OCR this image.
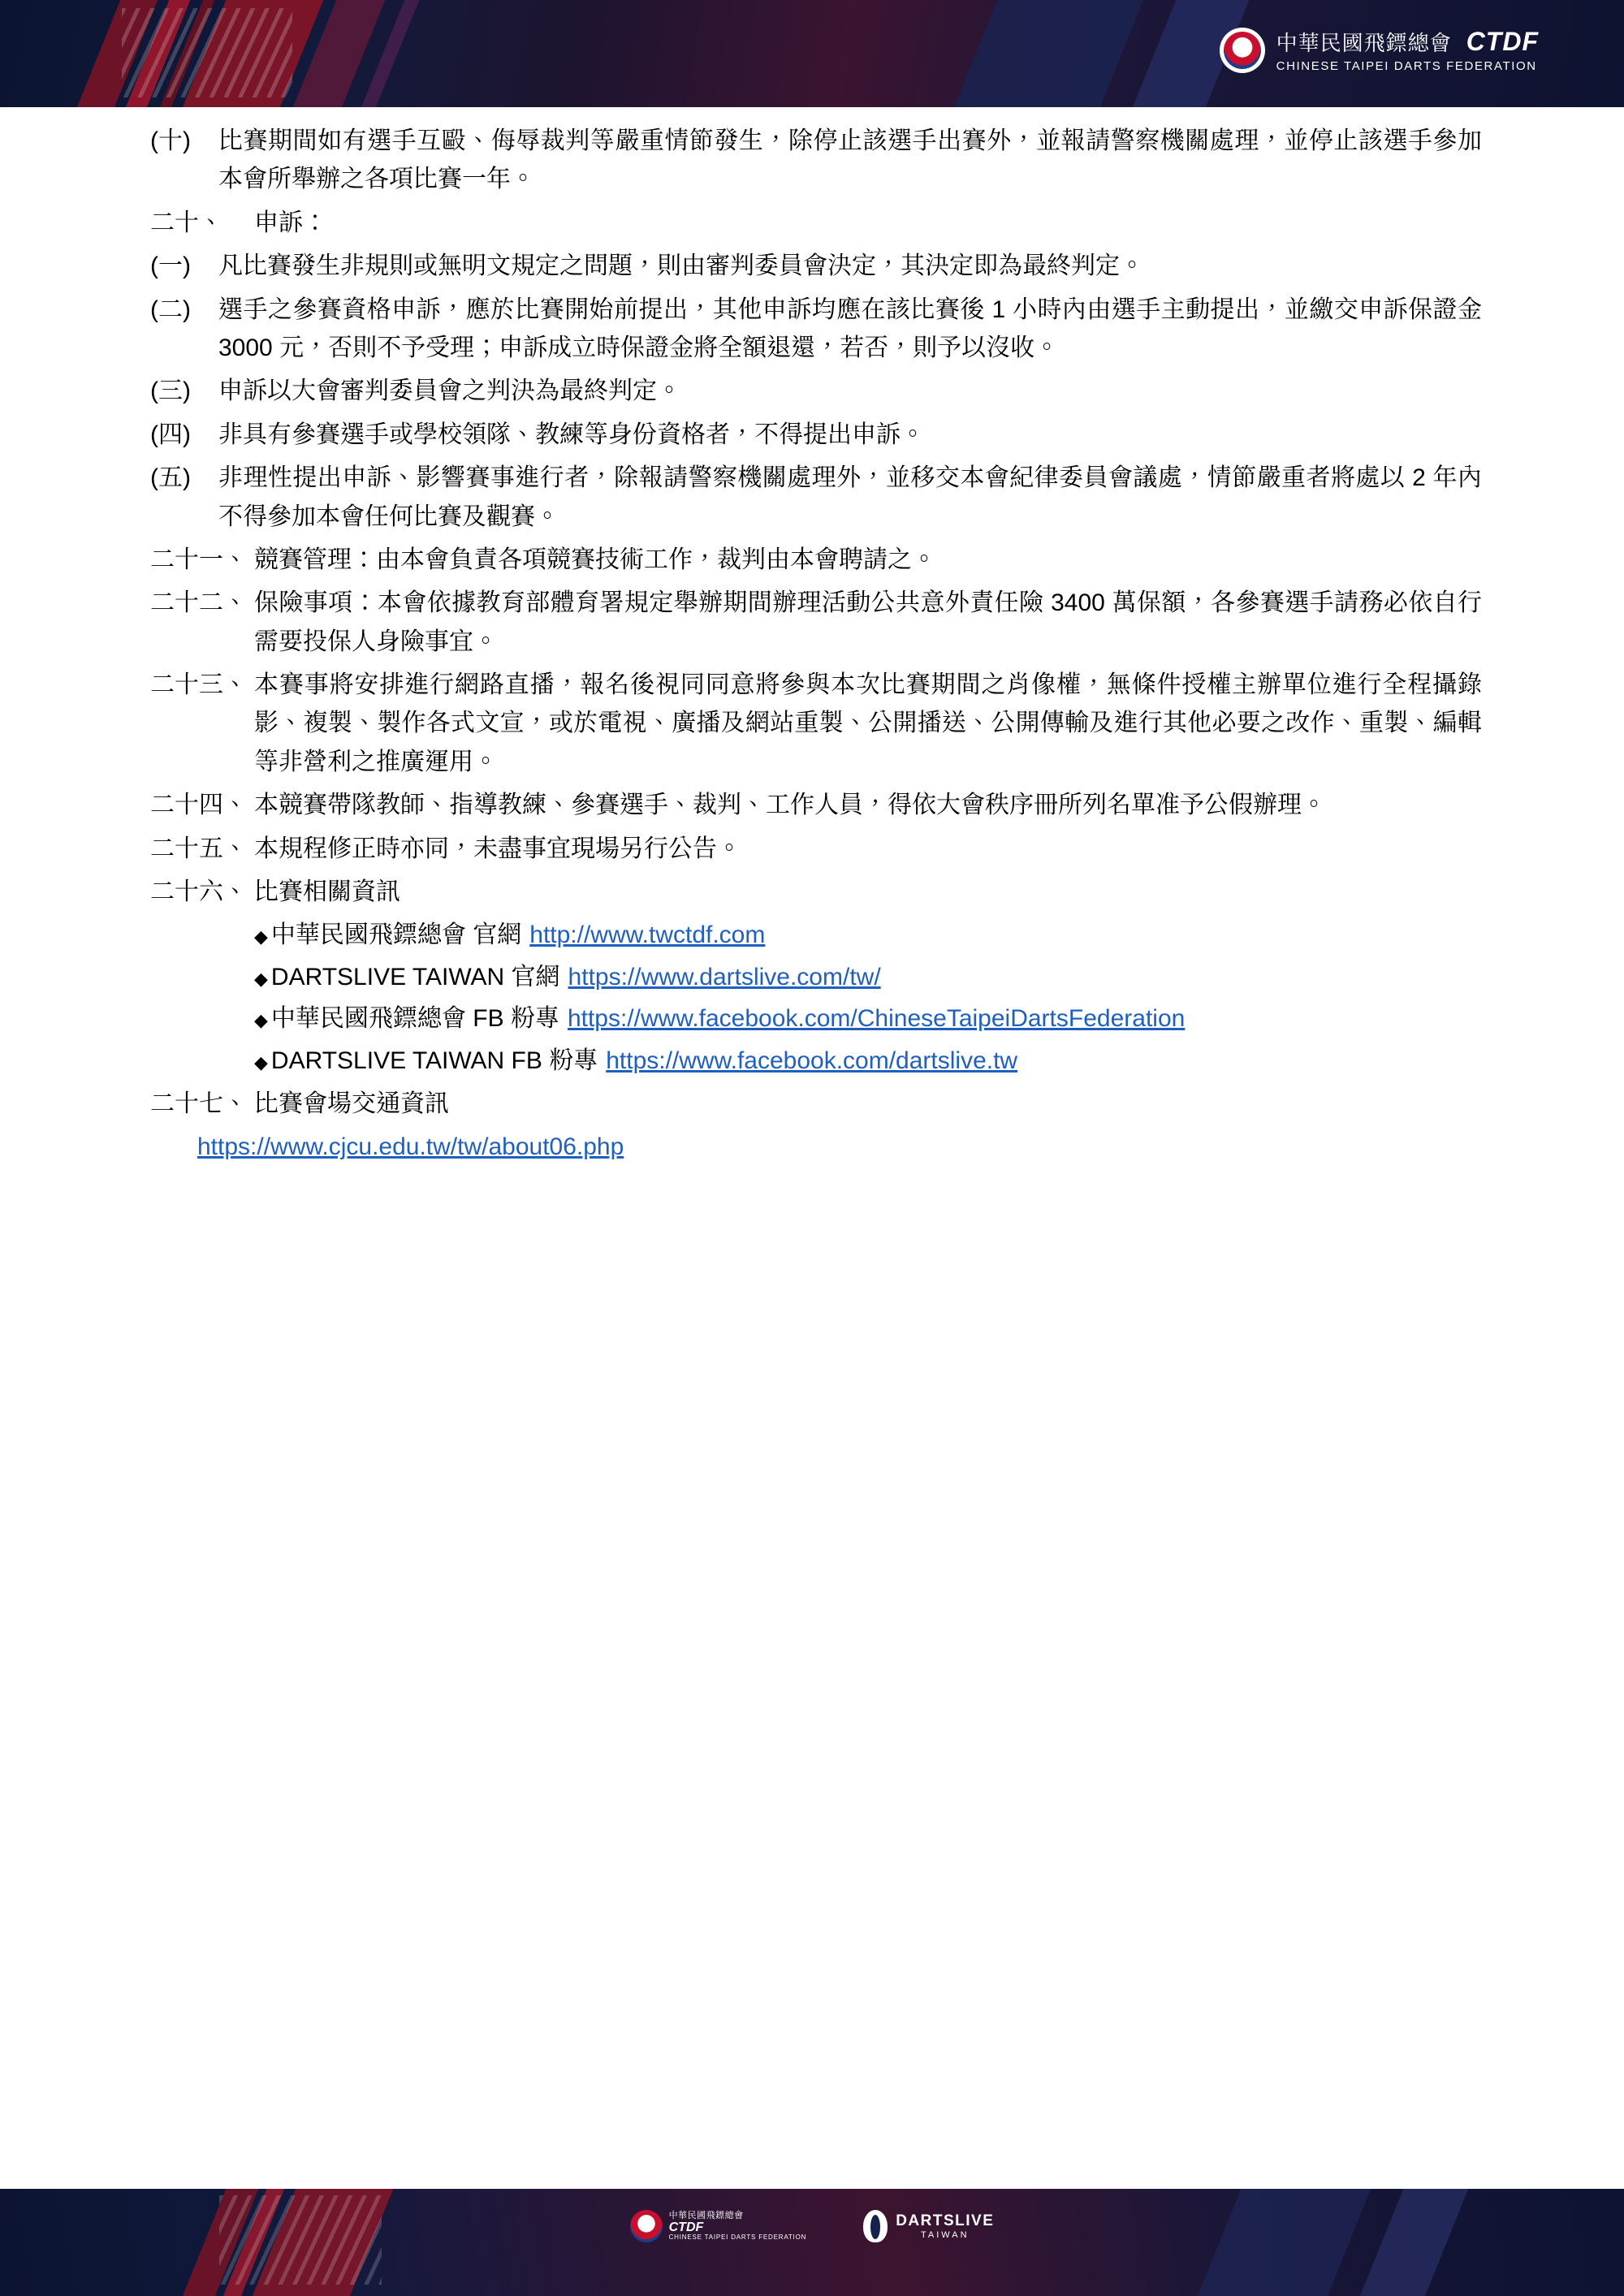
中華民國飛鏢總會 CTDF
CHINESE TAIPEI DARTS FEDERATION
(十)	比賽期間如有選手互毆、侮辱裁判等嚴重情節發生，除停止該選手出賽外，並報請警察機關處理，並停止該選手參加本會所舉辦之各項比賽一年。
二十、	申訴：
(一)	凡比賽發生非規則或無明文規定之問題，則由審判委員會決定，其決定即為最終判定。
(二)	選手之參賽資格申訴，應於比賽開始前提出，其他申訴均應在該比賽後 1 小時內由選手主動提出，並繳交申訴保證金 3000 元，否則不予受理；申訴成立時保證金將全額退還，若否，則予以沒收。
(三)	申訴以大會審判委員會之判決為最終判定。
(四)	非具有參賽選手或學校領隊、教練等身份資格者，不得提出申訴。
(五)	非理性提出申訴、影響賽事進行者，除報請警察機關處理外，並移交本會紀律委員會議處，情節嚴重者將處以 2 年內不得參加本會任何比賽及觀賽。
二十一、 競賽管理：由本會負責各項競賽技術工作，裁判由本會聘請之。
二十二、 保險事項：本會依據教育部體育署規定舉辦期間辦理活動公共意外責任險 3400 萬保額，各參賽選手請務必依自行需要投保人身險事宜。
二十三、 本賽事將安排進行網路直播，報名後視同同意將參與本次比賽期間之肖像權，無條件授權主辦單位進行全程攝錄影、複製、製作各式文宣，或於電視、廣播及網站重製、公開播送、公開傳輸及進行其他必要之改作、重製、編輯等非營利之推廣運用。
二十四、 本競賽帶隊教師、指導教練、參賽選手、裁判、工作人員，得依大會秩序冊所列名單准予公假辦理。
二十五、 本規程修正時亦同，未盡事宜現場另行公告。
二十六、 比賽相關資訊
◆ 中華民國飛鏢總會 官網 http://www.twctdf.com
◆ DARTSLIVE TAIWAN 官網 https://www.dartslive.com/tw/
◆ 中華民國飛鏢總會 FB 粉專 https://www.facebook.com/ChineseTaipeiDartsFederation
◆ DARTSLIVE TAIWAN FB 粉專 https://www.facebook.com/dartslive.tw
二十七、 比賽會場交通資訊
https://www.cjcu.edu.tw/tw/about06.php
中華民國飛鏢總會
CTDF
CHINESE TAIPEI DARTS FEDERATION
DARTSLIVE
TAIWAN
